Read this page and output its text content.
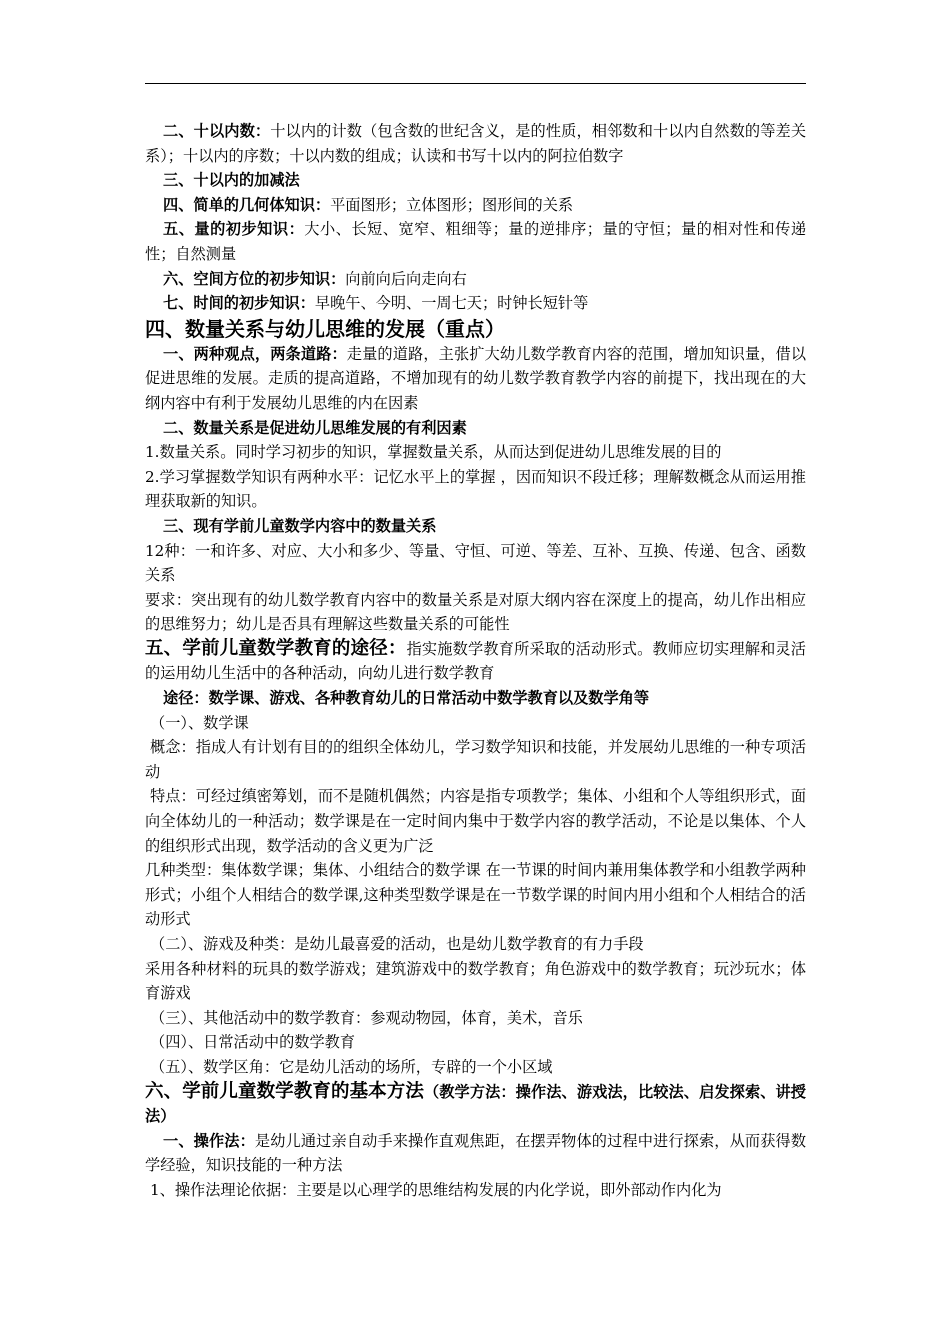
二、十以内数：十以内的计数（包含数的世纪含义，是的性质，相邻数和十以内自然数的等差关系）；十以内的序数；十以内数的组成；认读和书写十以内的阿拉伯数字

三、十以内的加减法

四、简单的几何体知识：平面图形；立体图形；图形间的关系

五、量的初步知识：大小、长短、宽窄、粗细等；量的逆排序；量的守恒；量的相对性和传递性；自然测量

六、空间方位的初步知识：向前向后向走向右

七、时间的初步知识：早晚午、今明、一周七天；时钟长短针等

四、数量关系与幼儿思维的发展（重点）

一、两种观点，两条道路：走量的道路，主张扩大幼儿数学教育内容的范围，增加知识量，借以促进思维的发展。走质的提高道路，不增加现有的幼儿数学教育教学内容的前提下，找出现在的大纲内容中有利于发展幼儿思维的内在因素

二、数量关系是促进幼儿思维发展的有利因素

1.数量关系。同时学习初步的知识，掌握数量关系，从而达到促进幼儿思维发展的目的

2.学习掌握数学知识有两种水平：记忆水平上的掌握 ，因而知识不段迁移；理解数概念从而运用推理获取新的知识。

三、现有学前儿童数学内容中的数量关系

12种：一和许多、对应、大小和多少、等量、守恒、可逆、等差、互补、互换、传递、包含、函数关系

要求：突出现有的幼儿数学教育内容中的数量关系是对原大纲内容在深度上的提高，幼儿作出相应的思维努力；幼儿是否具有理解这些数量关系的可能性

五、学前儿童数学教育的途径：指实施数学教育所采取的活动形式。教师应切实理解和灵活的运用幼儿生活中的各种活动，向幼儿进行数学教育

途径：数学课、游戏、各种教育幼儿的日常活动中数学教育以及数学角等

（一）、数学课

概念：指成人有计划有目的的组织全体幼儿，学习数学知识和技能，并发展幼儿思维的一种专项活动

特点：可经过缜密筹划，而不是随机偶然；内容是指专项教学；集体、小组和个人等组织形式，面向全体幼儿的一种活动；数学课是在一定时间内集中于数学内容的教学活动，不论是以集体、个人的组织形式出现，数学活动的含义更为广泛

几种类型：集体数学课；集体、小组结合的数学课 在一节课的时间内兼用集体教学和小组教学两种形式；小组个人相结合的数学课,这种类型数学课是在一节数学课的时间内用小组和个人相结合的活动形式

（二）、游戏及种类：是幼儿最喜爱的活动，也是幼儿数学教育的有力手段

采用各种材料的玩具的数学游戏；建筑游戏中的数学教育；角色游戏中的数学教育；玩沙玩水；体育游戏

（三）、其他活动中的数学教育：参观动物园，体育，美术，音乐

（四）、日常活动中的数学教育

（五）、数学区角：它是幼儿活动的场所，专辟的一个小区域

六、学前儿童数学教育的基本方法（教学方法：操作法、游戏法，比较法、启发探索、讲授法）

一、操作法：是幼儿通过亲自动手来操作直观焦距，在摆弄物体的过程中进行探索，从而获得数学经验，知识技能的一种方法

1、操作法理论依据：主要是以心理学的思维结构发展的内化学说，即外部动作内化为
